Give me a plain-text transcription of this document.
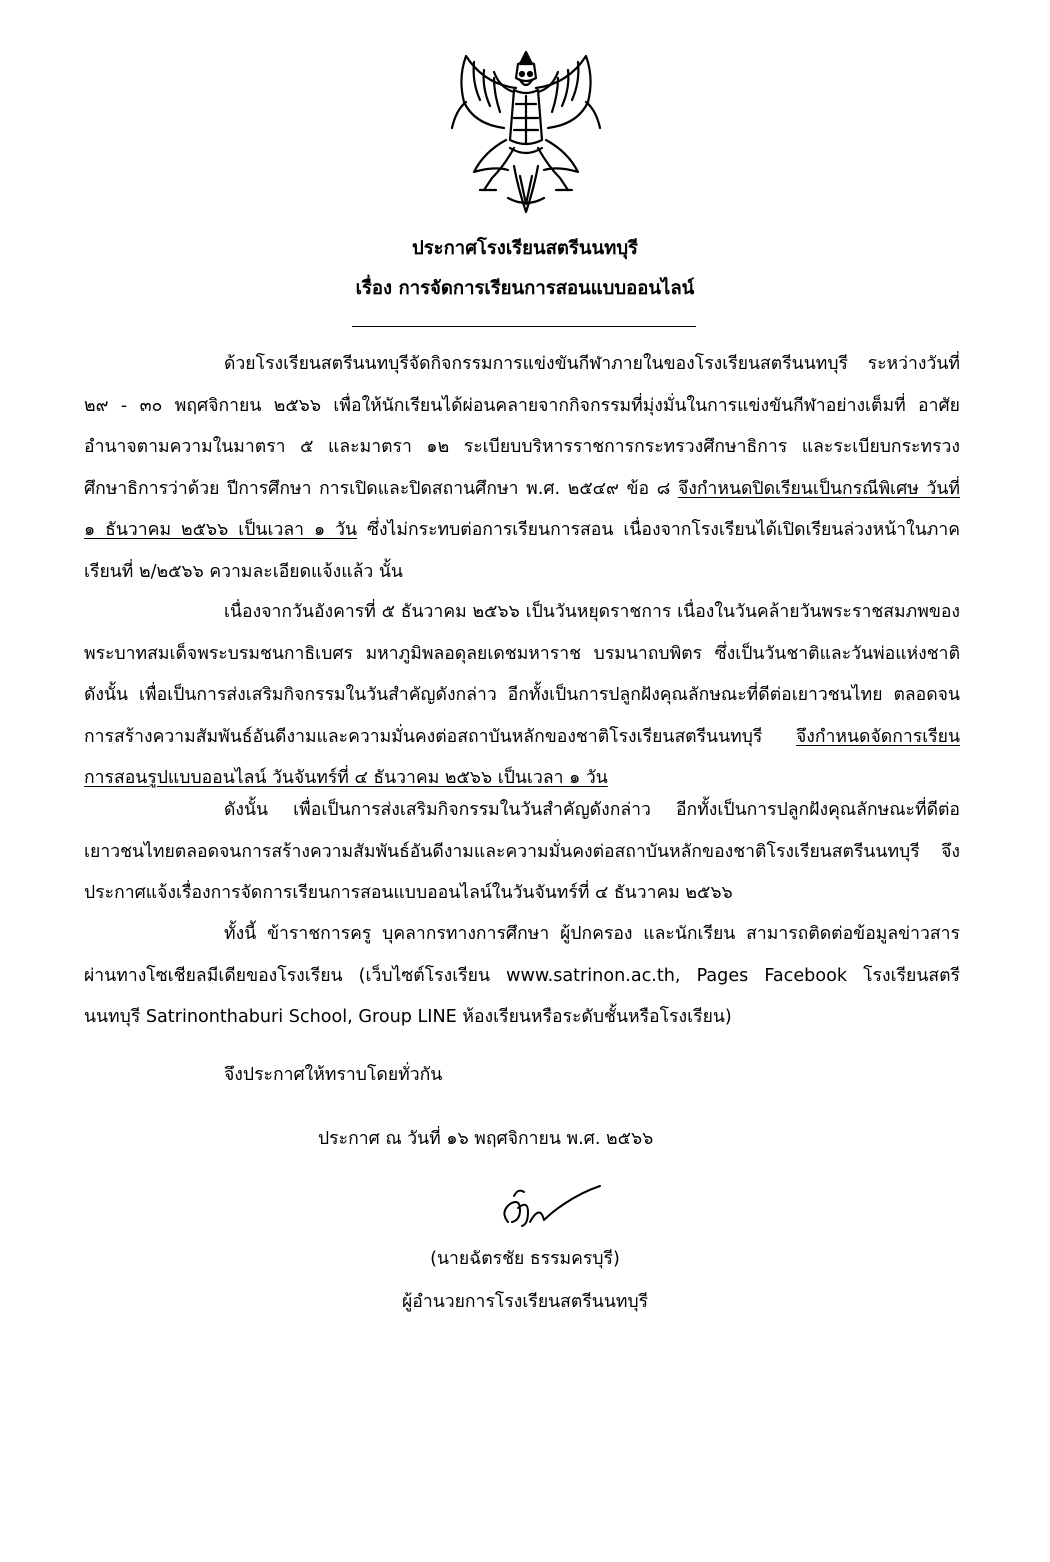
ประกาศโรงเรียนสตรีนนทบุรี
เรื่อง การจัดการเรียนการสอนแบบออนไลน์

ด้วยโรงเรียนสตรีนนทบุรีจัดกิจกรรมการแข่งขันกีฬาภายในของโรงเรียนสตรีนนทบุรี ระหว่างวันที่ ๒๙ - ๓๐ พฤศจิกายน ๒๕๖๖ เพื่อให้นักเรียนได้ผ่อนคลายจากกิจกรรมที่มุ่งมั่นในการแข่งขันกีฬาอย่างเต็มที่ อาศัยอำนาจตามความในมาตรา ๕ และมาตรา ๑๒ ระเบียบบริหารราชการกระทรวงศึกษาธิการ และระเบียบกระทรวงศึกษาธิการว่าด้วย ปีการศึกษา การเปิดและปิดสถานศึกษา พ.ศ. ๒๕๔๙ ข้อ ๘ จึงกำหนดปิดเรียนเป็นกรณีพิเศษ วันที่ ๑ ธันวาคม ๒๕๖๖ เป็นเวลา ๑ วัน ซึ่งไม่กระทบต่อการเรียนการสอน เนื่องจากโรงเรียนได้เปิดเรียนล่วงหน้าในภาคเรียนที่ ๒/๒๕๖๖ ความละเอียดแจ้งแล้ว นั้น

เนื่องจากวันอังคารที่ ๕ ธันวาคม ๒๕๖๖ เป็นวันหยุดราชการ เนื่องในวันคล้ายวันพระราชสมภพของพระบาทสมเด็จพระบรมชนกาธิเบศร มหาภูมิพลอดุลยเดชมหาราช บรมนาถบพิตร ซึ่งเป็นวันชาติและวันพ่อแห่งชาติ ดังนั้น เพื่อเป็นการส่งเสริมกิจกรรมในวันสำคัญดังกล่าว อีกทั้งเป็นการปลูกฝังคุณลักษณะที่ดีต่อเยาวชนไทย ตลอดจนการสร้างความสัมพันธ์อันดีงามและความมั่นคงต่อสถาบันหลักของชาติโรงเรียนสตรีนนทบุรี จึงกำหนดจัดการเรียนการสอนรูปแบบออนไลน์ วันจันทร์ที่ ๔ ธันวาคม ๒๕๖๖ เป็นเวลา ๑ วัน

ดังนั้น เพื่อเป็นการส่งเสริมกิจกรรมในวันสำคัญดังกล่าว อีกทั้งเป็นการปลูกฝังคุณลักษณะที่ดีต่อเยาวชนไทยตลอดจนการสร้างความสัมพันธ์อันดีงามและความมั่นคงต่อสถาบันหลักของชาติโรงเรียนสตรีนนทบุรี จึงประกาศแจ้งเรื่องการจัดการเรียนการสอนแบบออนไลน์ในวันจันทร์ที่ ๔ ธันวาคม ๒๕๖๖

ทั้งนี้ ข้าราชการครู บุคลากรทางการศึกษา ผู้ปกครอง และนักเรียน สามารถติดต่อข้อมูลข่าวสาร ผ่านทางโซเชียลมีเดียของโรงเรียน (เว็บไซต์โรงเรียน www.satrinon.ac.th, Pages Facebook โรงเรียนสตรีนนทบุรี Satrinonthaburi School, Group LINE ห้องเรียนหรือระดับชั้นหรือโรงเรียน)

จึงประกาศให้ทราบโดยทั่วกัน
ประกาศ ณ วันที่ ๑๖ พฤศจิกายน พ.ศ. ๒๕๖๖
(นายฉัตรชัย ธรรมครบุรี)
ผู้อำนวยการโรงเรียนสตรีนนทบุรี
